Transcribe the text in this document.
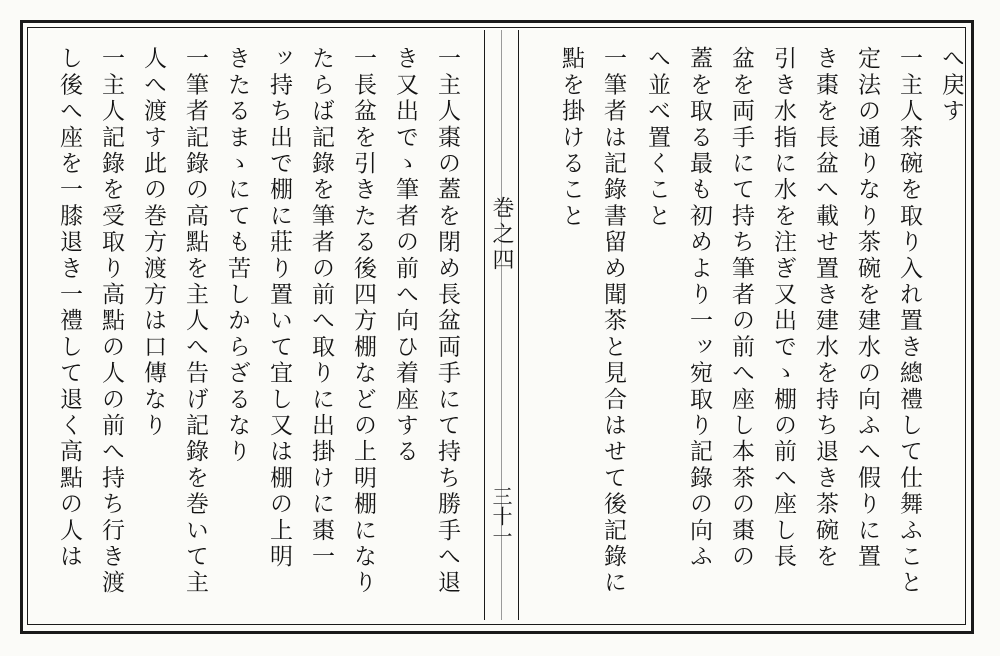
巻之四
三十一
へ戻す
一主人茶碗を取り入れ置き總禮して仕舞ふこと
定法の通りなり茶碗を建水の向ふへ假りに置
き棗を長盆へ載せ置き建水を持ち退き茶碗を
引き水指に水を注ぎ又出でゝ棚の前へ座し長
盆を両手にて持ち筆者の前へ座し本茶の棗の
蓋を取る最も初めより一ッ宛取り記錄の向ふ
へ並べ置くこと
一筆者は記錄書留め聞茶と見合はせて後記錄に
點を掛けること
一主人棗の蓋を閉め長盆両手にて持ち勝手へ退
き又出でゝ筆者の前へ向ひ着座する
一長盆を引きたる後四方棚などの上明棚になり
たらば記錄を筆者の前へ取りに出掛けに棗一
ッ持ち出で棚に莊り置いて宜し又は棚の上明
きたるまゝにても苦しからざるなり
一筆者記錄の高點を主人へ告げ記錄を巻いて主
人へ渡す此の巻方渡方は口傳なり
一主人記錄を受取り高點の人の前へ持ち行き渡
し後へ座を一膝退き一禮して退く高點の人は
